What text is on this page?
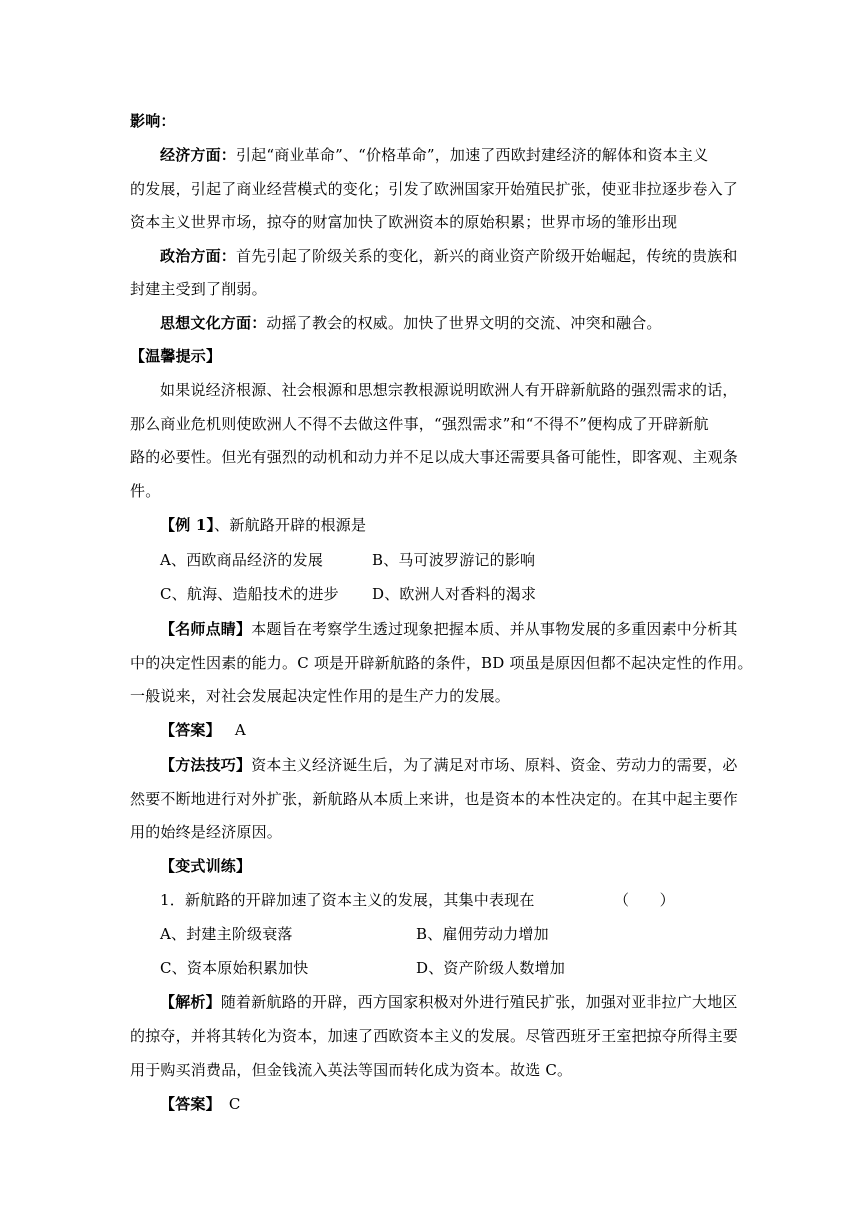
影响：
经济方面：引起“商业革命”、“价格革命”，加速了西欧封建经济的解体和资本主义
的发展，引起了商业经营模式的变化；引发了欧洲国家开始殖民扩张，使亚非拉逐步卷入了
资本主义世界市场，掠夺的财富加快了欧洲资本的原始积累；世界市场的雏形出现
政治方面：首先引起了阶级关系的变化，新兴的商业资产阶级开始崛起，传统的贵族和
封建主受到了削弱。
思想文化方面：动摇了教会的权威。加快了世界文明的交流、冲突和融合。
【温馨提示】
如果说经济根源、社会根源和思想宗教根源说明欧洲人有开辟新航路的强烈需求的话，
那么商业危机则使欧洲人不得不去做这件事，“强烈需求”和“不得不”便构成了开辟新航
路的必要性。但光有强烈的动机和动力并不足以成大事还需要具备可能性，即客观、主观条
件。
【例 1】、新航路开辟的根源是
A、西欧商品经济的发展	B、马可波罗游记的影响
C、航海、造船技术的进步 D、欧洲人对香料的渴求
【名师点睛】本题旨在考察学生透过现象把握本质、并从事物发展的多重因素中分析其
中的决定性因素的能力。C 项是开辟新航路的条件，BD 项虽是原因但都不起决定性的作用。
一般说来，对社会发展起决定性作用的是生产力的发展。
【答案】 A
【方法技巧】资本主义经济诞生后，为了满足对市场、原料、资金、劳动力的需要，必
然要不断地进行对外扩张，新航路从本质上来讲，也是资本的本性决定的。在其中起主要作
用的始终是经济原因。
【变式训练】
1．新航路的开辟加速了资本主义的发展，其集中表现在	（　　）
A、封建主阶级衰落	B、雇佣劳动力增加
C、资本原始积累加快	D、资产阶级人数增加
【解析】随着新航路的开辟，西方国家积极对外进行殖民扩张，加强对亚非拉广大地区
的掠夺，并将其转化为资本，加速了西欧资本主义的发展。尽管西班牙王室把掠夺所得主要
用于购买消费品，但金钱流入英法等国而转化成为资本。故选 C。
【答案】 C
